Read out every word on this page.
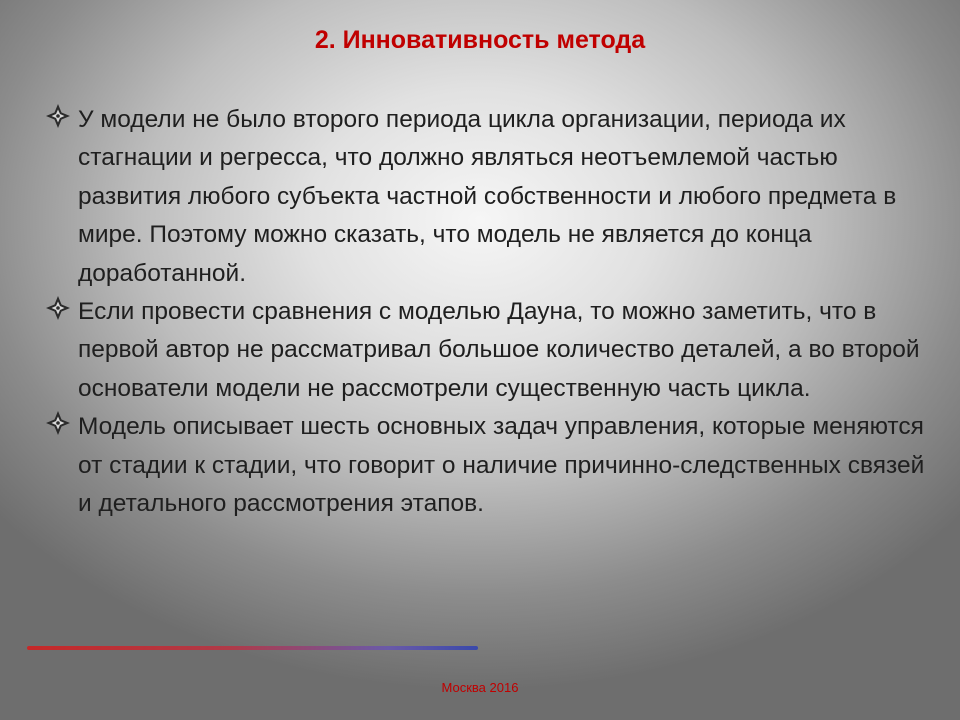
2. Инновативность метода
У модели не было второго периода цикла организации, периода их стагнации и регресса, что должно являться неотъемлемой частью развития любого субъекта частной собственности и любого предмета в мире. Поэтому можно сказать, что модель не является до конца доработанной.
Если провести сравнения с моделью Дауна, то можно заметить, что в первой автор не рассматривал большое количество деталей, а во второй основатели модели не рассмотрели существенную часть цикла.
Модель описывает шесть основных задач управления, которые меняются от стадии к стадии, что говорит о наличие причинно-следственных связей и детального рассмотрения этапов.
Москва 2016
